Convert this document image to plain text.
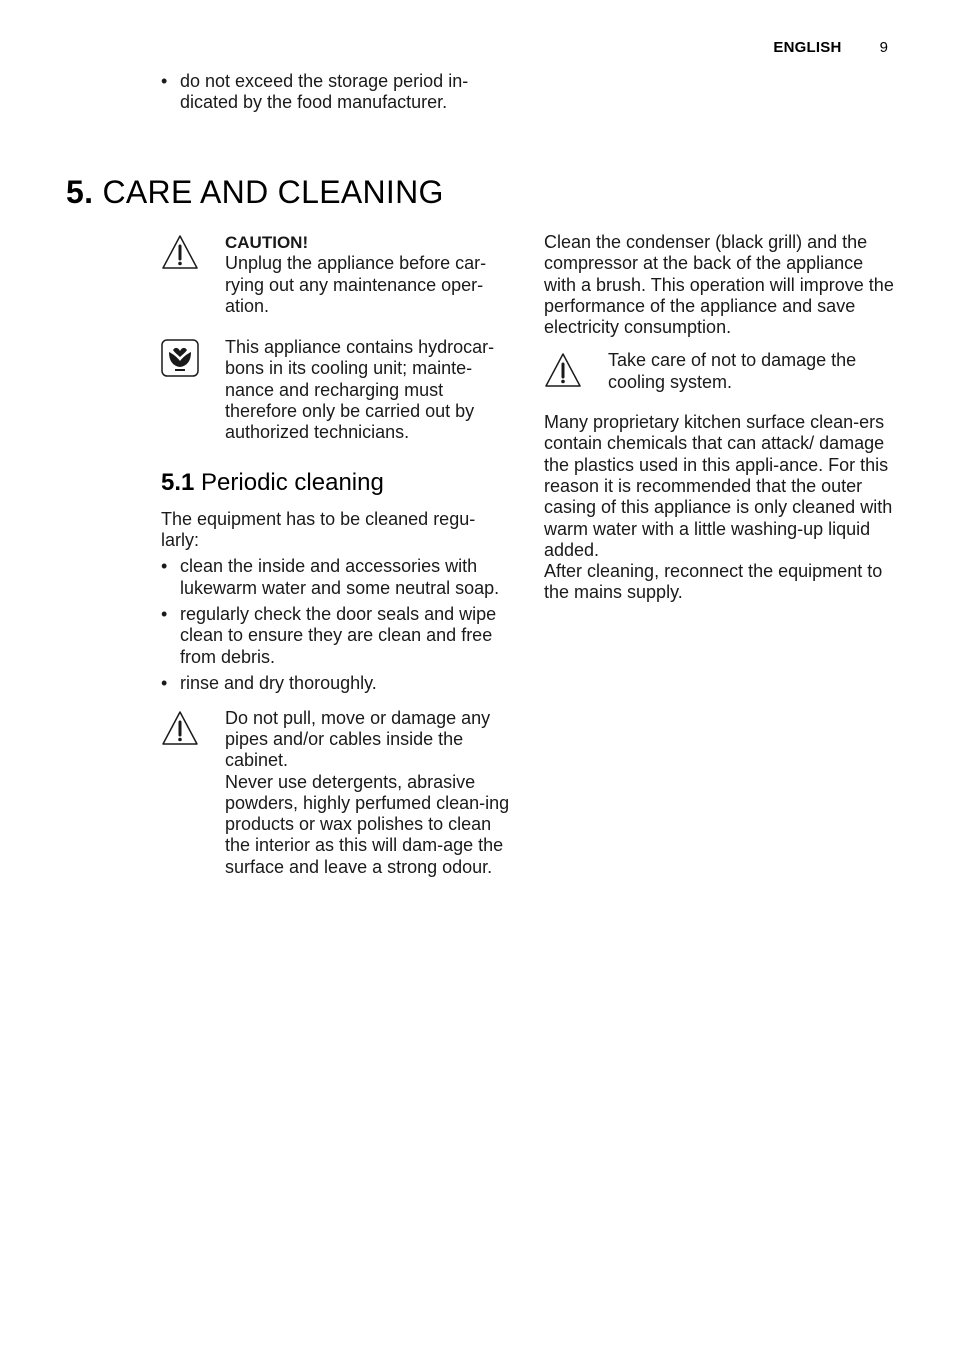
ENGLISH	9
• do not exceed the storage period in-dicated by the food manufacturer.
5. CARE AND CLEANING

CAUTION!

Unplug the appliance before car-rying out any maintenance oper-ation.

This appliance contains hydrocar-bons in its cooling unit; mainte-nance and recharging must therefore only be carried out by authorized technicians.

5.1 Periodic cleaning

The equipment has to be cleaned regu-larly:

• clean the inside and accessories with lukewarm water and some neutral soap.
• regularly check the door seals and wipe clean to ensure they are clean and free from debris.
• rinse and dry thoroughly.

Do not pull, move or damage any pipes and/or cables inside the cabinet.

Never use detergents, abrasive powders, highly perfumed clean-ing products or wax polishes to clean the interior as this will dam-age the surface and leave a strong odour.

Clean the condenser (black grill) and the compressor at the back of the appliance with a brush. This operation will improve the performance of the appliance and save electricity consumption.

Take care of not to damage the cooling system.

Many proprietary kitchen surface clean-ers contain chemicals that can attack/ damage the plastics used in this appli-ance. For this reason it is recommended that the outer casing of this appliance is only cleaned with warm water with a little washing-up liquid added.

After cleaning, reconnect the equipment to the mains supply.
